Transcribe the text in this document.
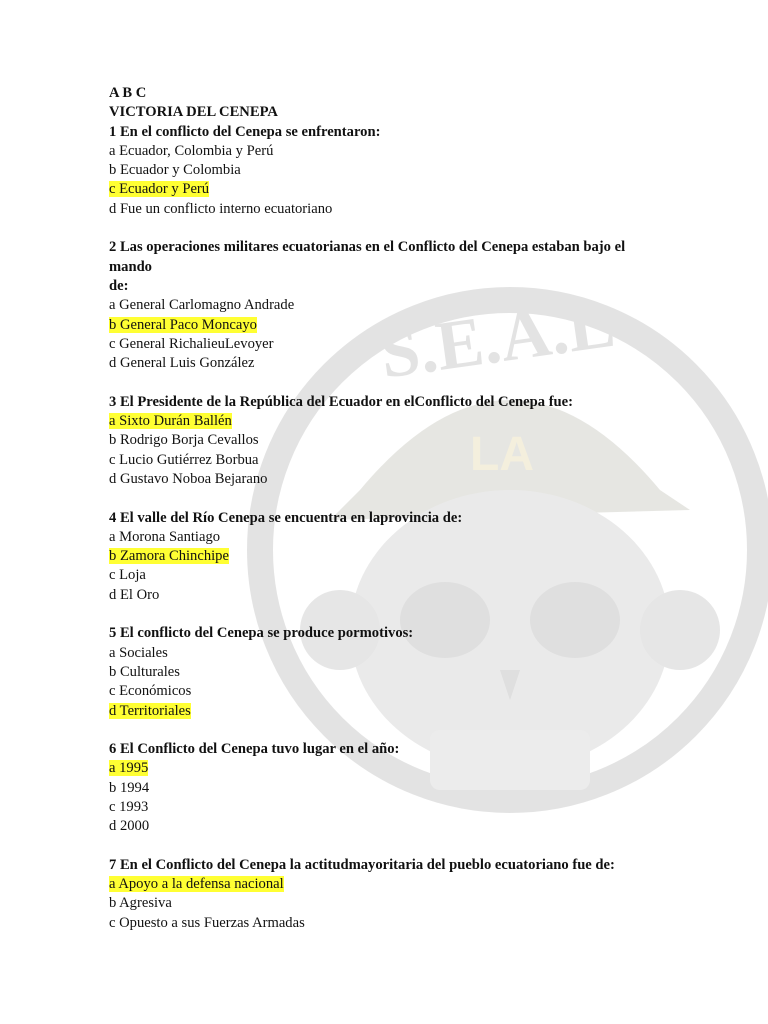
S.E.A.L
LA
A B C
VICTORIA DEL CENEPA
1 En el conflicto del Cenepa se enfrentaron:
a Ecuador, Colombia y Perú
b Ecuador y Colombia
c Ecuador y Perú
d Fue un conflicto interno ecuatoriano
2 Las operaciones militares ecuatorianas en el Conflicto del Cenepa estaban bajo el
mando
de:
a General Carlomagno Andrade
b General Paco Moncayo
c General RichalieuLevoyer
d General Luis González
3 El Presidente de la República del Ecuador en elConflicto del Cenepa fue:
a Sixto Durán Ballén
b Rodrigo Borja Cevallos
c Lucio Gutiérrez Borbua
d Gustavo Noboa Bejarano
4 El valle del Río Cenepa se encuentra en laprovincia de:
a Morona Santiago
b Zamora Chinchipe
c Loja
d El Oro
5 El conflicto del Cenepa se produce pormotivos:
a Sociales
b Culturales
c Económicos
d Territoriales
6 El Conflicto del Cenepa tuvo lugar en el año:
a 1995
b 1994
c 1993
d 2000
7 En el Conflicto del Cenepa la actitudmayoritaria del pueblo ecuatoriano fue de:
a Apoyo a la defensa nacional
b Agresiva
c Opuesto a sus Fuerzas Armadas
